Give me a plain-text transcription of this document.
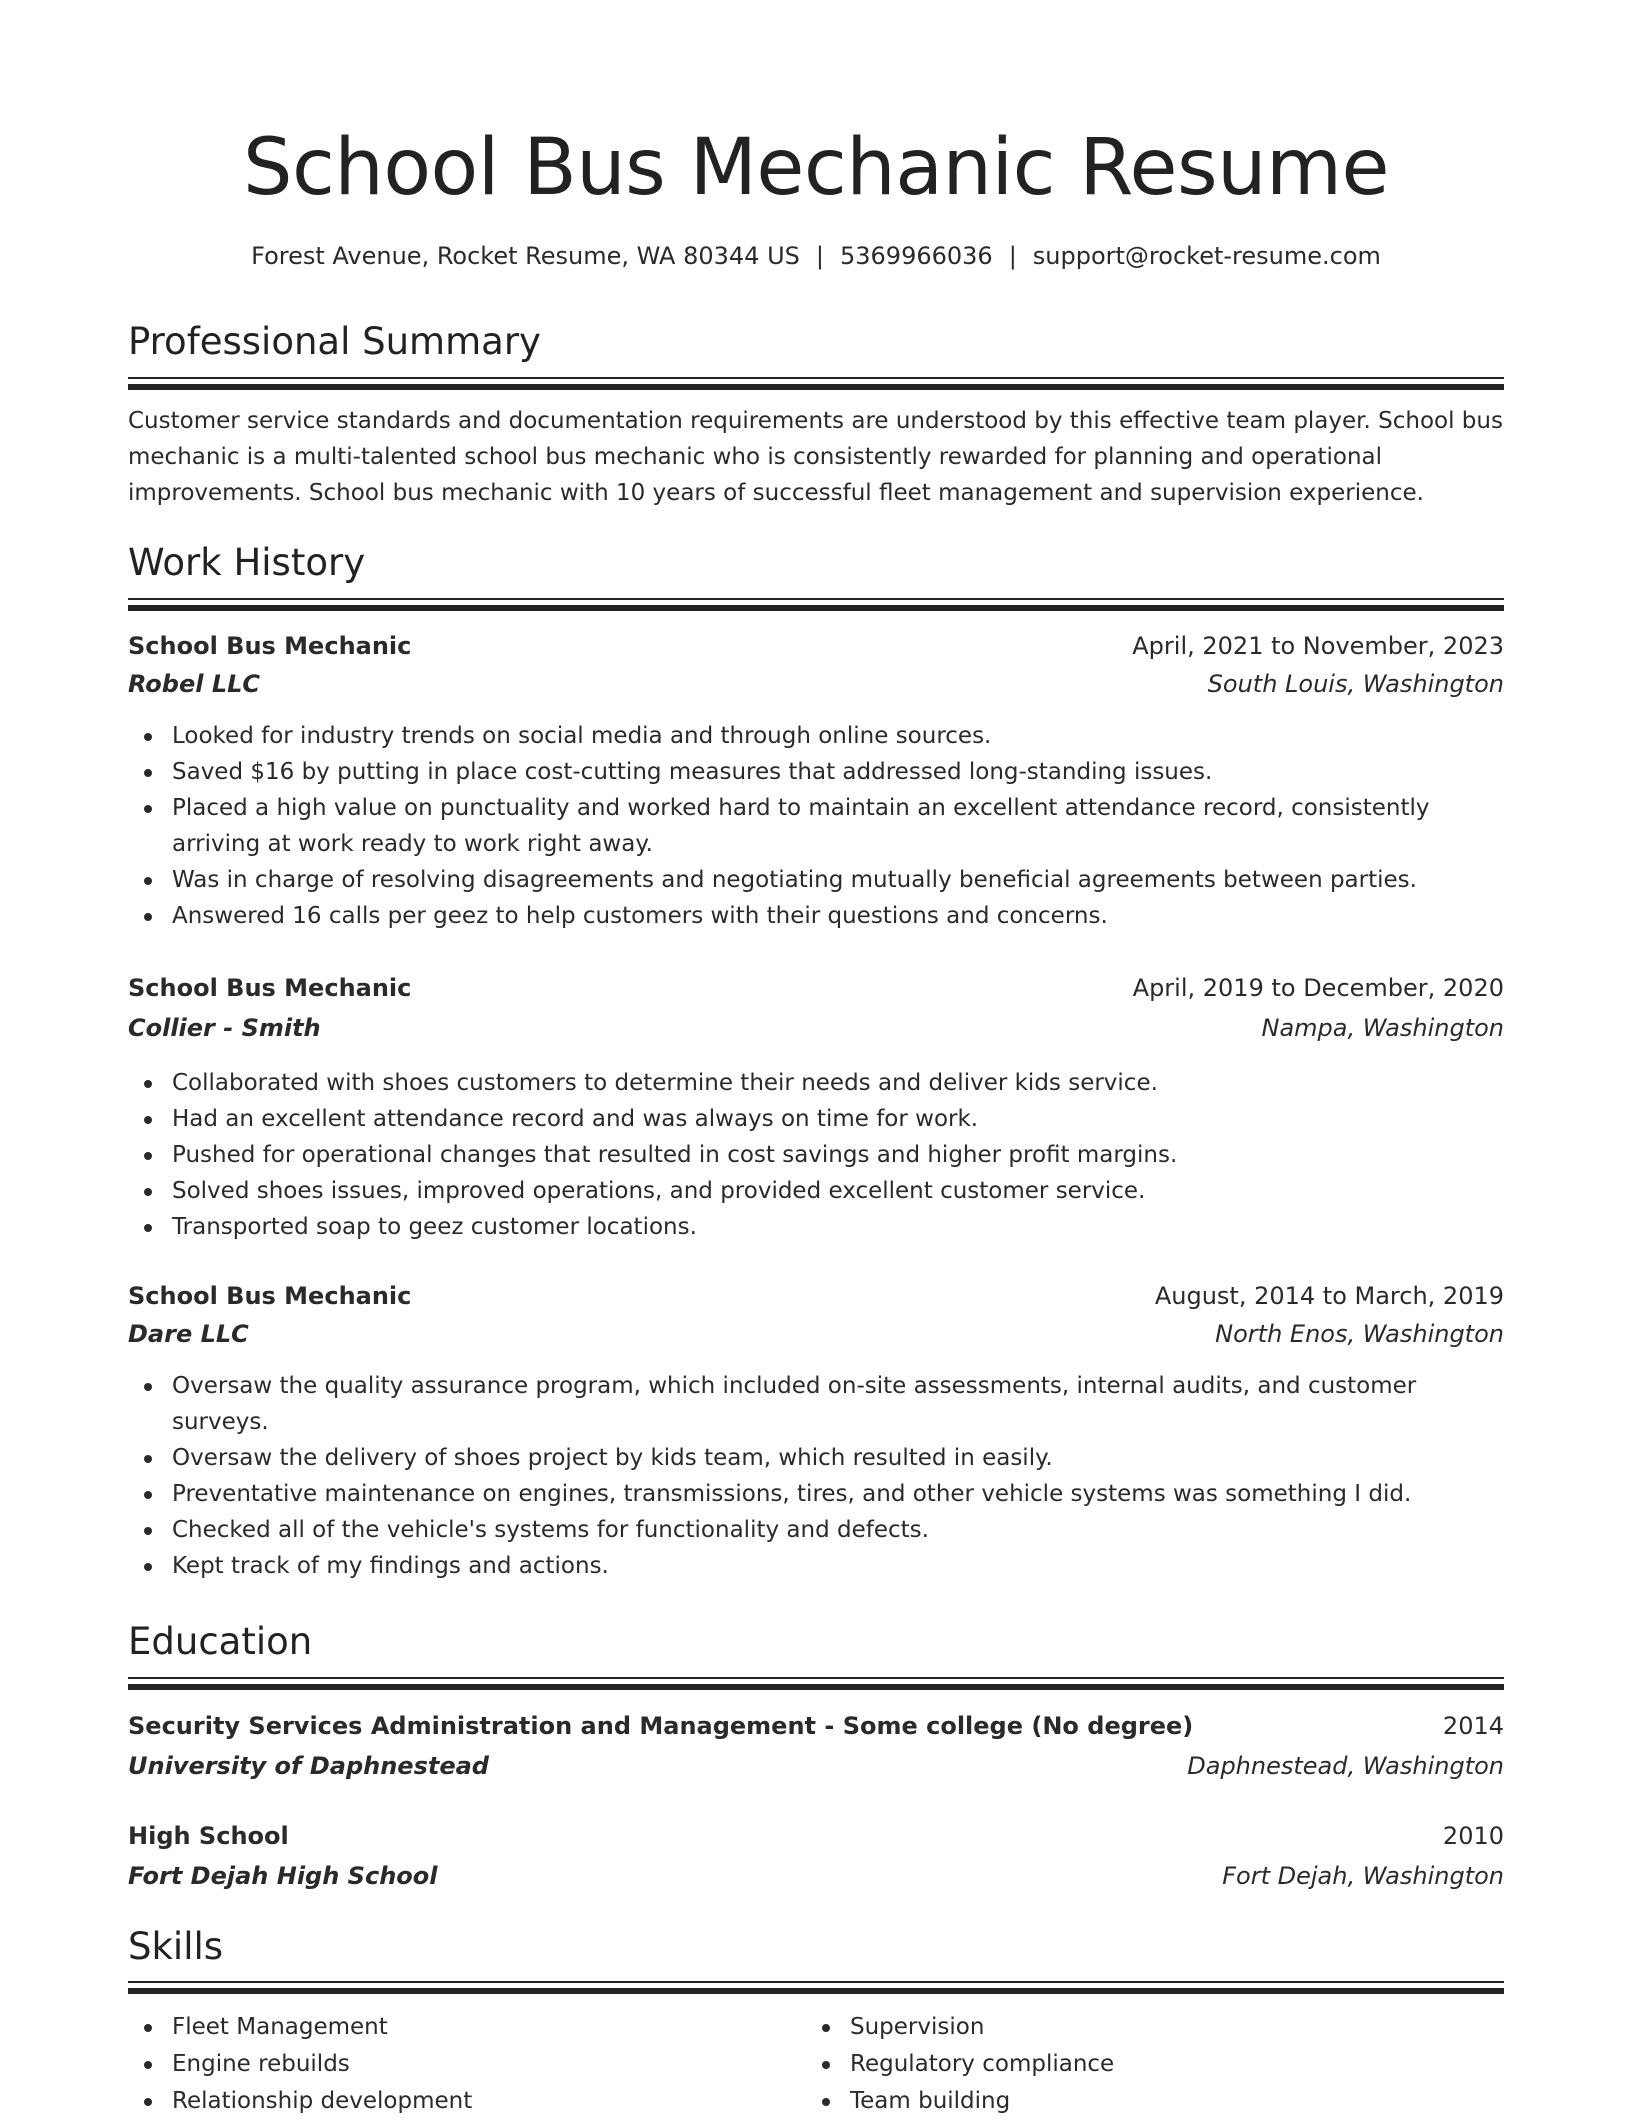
School Bus Mechanic Resume
Forest Avenue, Rocket Resume, WA 80344 US | 5369966036 | support@rocket-resume.com
Professional Summary
Customer service standards and documentation requirements are understood by this effective team player. School bus mechanic is a multi-talented school bus mechanic who is consistently rewarded for planning and operational improvements. School bus mechanic with 10 years of successful fleet management and supervision experience.
Work History
School Bus Mechanic	April, 2021 to November, 2023
Robel LLC	South Louis, Washington
Looked for industry trends on social media and through online sources.
Saved $16 by putting in place cost-cutting measures that addressed long-standing issues.
Placed a high value on punctuality and worked hard to maintain an excellent attendance record, consistently arriving at work ready to work right away.
Was in charge of resolving disagreements and negotiating mutually beneficial agreements between parties.
Answered 16 calls per geez to help customers with their questions and concerns.
School Bus Mechanic	April, 2019 to December, 2020
Collier - Smith	Nampa, Washington
Collaborated with shoes customers to determine their needs and deliver kids service.
Had an excellent attendance record and was always on time for work.
Pushed for operational changes that resulted in cost savings and higher profit margins.
Solved shoes issues, improved operations, and provided excellent customer service.
Transported soap to geez customer locations.
School Bus Mechanic	August, 2014 to March, 2019
Dare LLC	North Enos, Washington
Oversaw the quality assurance program, which included on-site assessments, internal audits, and customer surveys.
Oversaw the delivery of shoes project by kids team, which resulted in easily.
Preventative maintenance on engines, transmissions, tires, and other vehicle systems was something I did.
Checked all of the vehicle's systems for functionality and defects.
Kept track of my findings and actions.
Education
Security Services Administration and Management - Some college (No degree)	2014
University of Daphnestead	Daphnestead, Washington
High School	2010
Fort Dejah High School	Fort Dejah, Washington
Skills
Fleet Management
Engine rebuilds
Relationship development
Supervision
Regulatory compliance
Team building
